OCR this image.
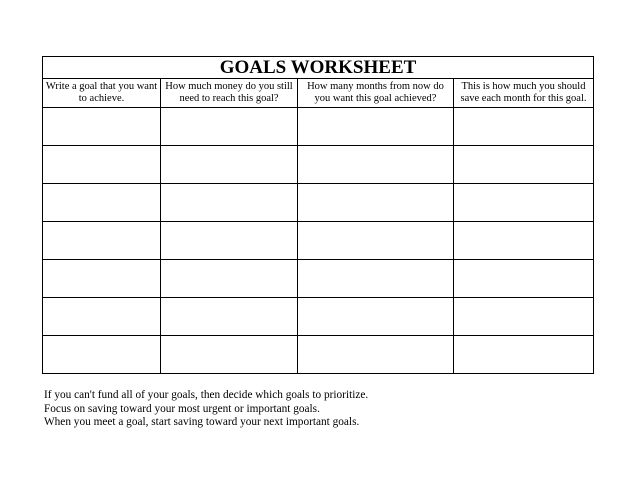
GOALS WORKSHEET			
Write a goal that you want to achieve.	How much money do you still need to reach this goal?	How many months from now do you want this goal achieved?	This is how much you should save each month for this goal.

If you can't fund all of your goals, then decide which goals to prioritize.
Focus on saving toward your most urgent or important goals.
When you meet a goal, start saving toward your next important goals.
